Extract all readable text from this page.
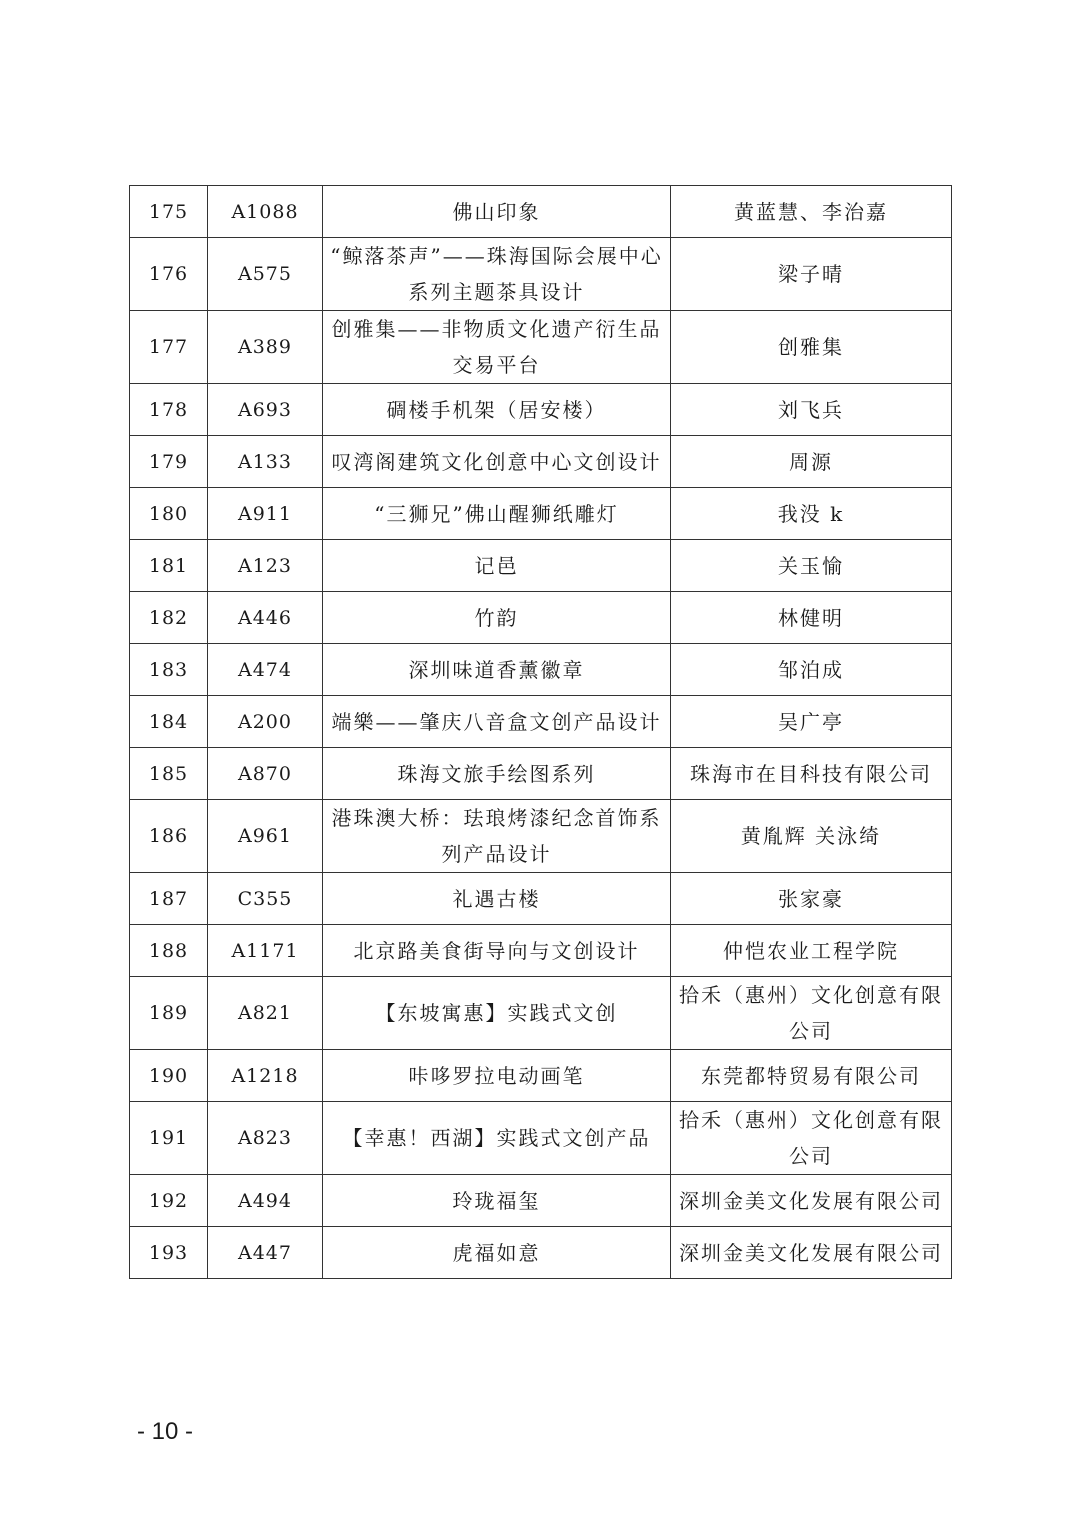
175	A1088	佛山印象	黄蓝慧、李治嘉
176	A575	“鲸落茶声”——珠海国际会展中心系列主题茶具设计	梁子晴
177	A389	创雅集——非物质文化遗产衍生品交易平台	创雅集
178	A693	碉楼手机架（居安楼）	刘飞兵
179	A133	叹湾阁建筑文化创意中心文创设计	周源
180	A911	“三狮兄”佛山醒狮纸雕灯	我没 k
181	A123	记邑	关玉愉
182	A446	竹韵	林健明
183	A474	深圳味道香薰徽章	邹泊成
184	A200	端樂——肇庆八音盒文创产品设计	吴广亭
185	A870	珠海文旅手绘图系列	珠海市在目科技有限公司
186	A961	港珠澳大桥：珐琅烤漆纪念首饰系列产品设计	黄胤辉 关泳绮
187	C355	礼遇古楼	张家豪
188	A1171	北京路美食街导向与文创设计	仲恺农业工程学院
189	A821	【东坡寓惠】实践式文创	拾禾（惠州）文化创意有限公司
190	A1218	咔哆罗拉电动画笔	东莞都特贸易有限公司
191	A823	【幸惠！西湖】实践式文创产品	拾禾（惠州）文化创意有限公司
192	A494	玲珑福玺	深圳金美文化发展有限公司
193	A447	虎福如意	深圳金美文化发展有限公司
- 10 -
